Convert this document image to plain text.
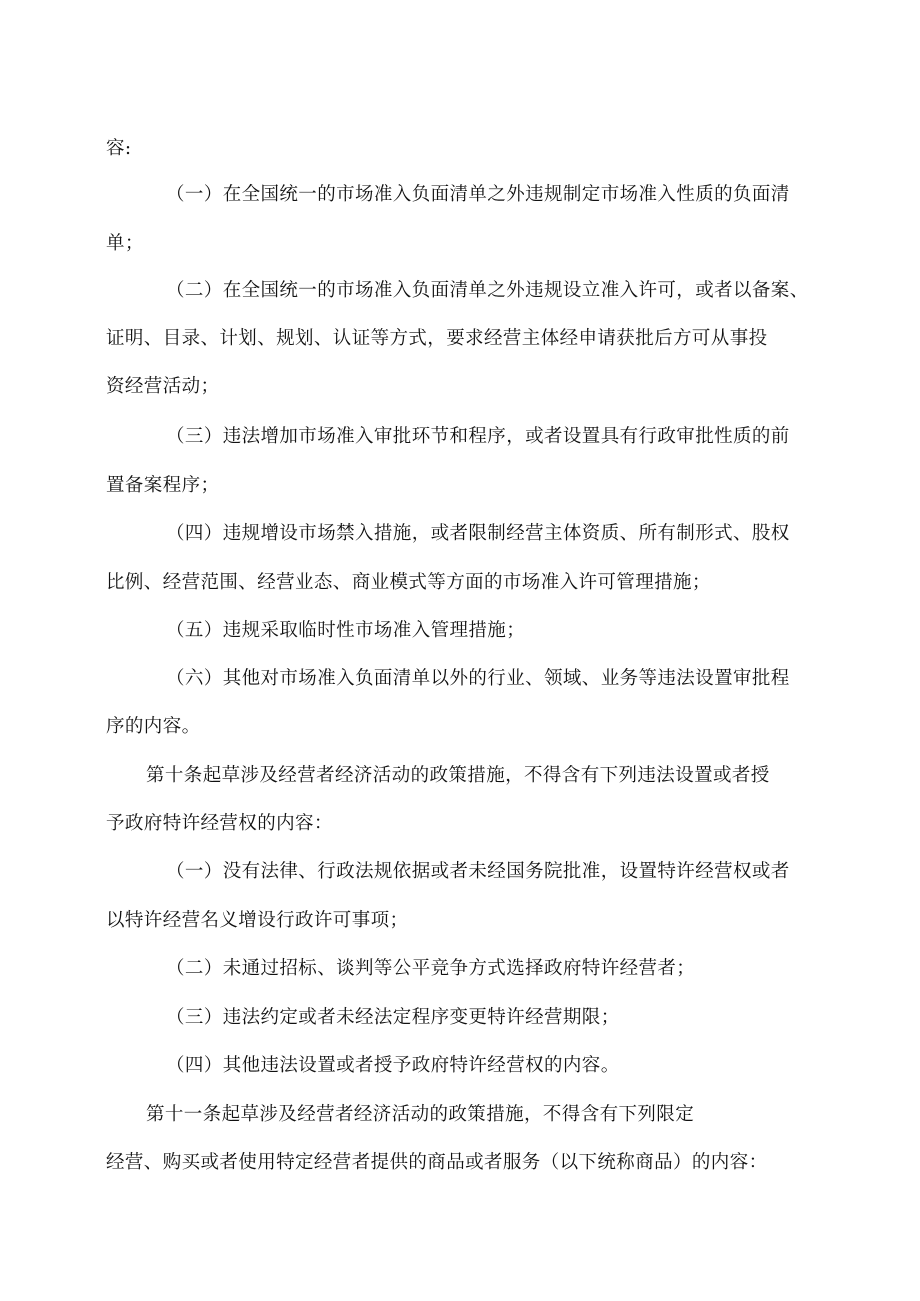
容:
（一）在全国统一的市场准入负面清单之外违规制定市场准入性质的负面清
单；
（二）在全国统一的市场准入负面清单之外违规设立准入许可，或者以备案、
证明、目录、计划、规划、认证等方式，要求经营主体经申请获批后方可从事投
资经营活动；
（三）违法增加市场准入审批环节和程序，或者设置具有行政审批性质的前
置备案程序；
（四）违规增设市场禁入措施，或者限制经营主体资质、所有制形式、股权
比例、经营范围、经营业态、商业模式等方面的市场准入许可管理措施；
（五）违规采取临时性市场准入管理措施；
（六）其他对市场准入负面清单以外的行业、领域、业务等违法设置审批程
序的内容。
第十条起草涉及经营者经济活动的政策措施，不得含有下列违法设置或者授
予政府特许经营权的内容：
（一）没有法律、行政法规依据或者未经国务院批准，设置特许经营权或者
以特许经营名义增设行政许可事项；
（二）未通过招标、谈判等公平竞争方式选择政府特许经营者；
（三）违法约定或者未经法定程序变更特许经营期限；
（四）其他违法设置或者授予政府特许经营权的内容。
第十一条起草涉及经营者经济活动的政策措施，不得含有下列限定
经营、购买或者使用特定经营者提供的商品或者服务（以下统称商品）的内容：
